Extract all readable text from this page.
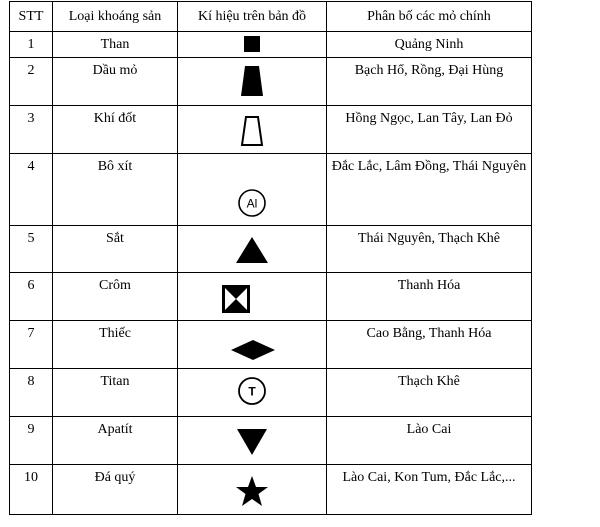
STT	Loại khoáng sản	Kí hiệu trên bản đồ	Phân bố các mỏ chính

1	Than		Quảng Ninh

2	Dầu mỏ		Bạch Hổ, Rồng, Đại Hùng

3	Khí đốt		Hồng Ngọc, Lan Tây, Lan Đỏ

4	Bô xít	Al	Đắc Lắc, Lâm Đồng, Thái Nguyên

5	Sắt		Thái Nguyên, Thạch Khê

6	Crôm		Thanh Hóa

7	Thiếc		Cao Bằng, Thanh Hóa

8	Titan	T	Thạch Khê

9	Apatít		Lào Cai

10	Đá quý		Lào Cai, Kon Tum, Đắc Lắc,...
